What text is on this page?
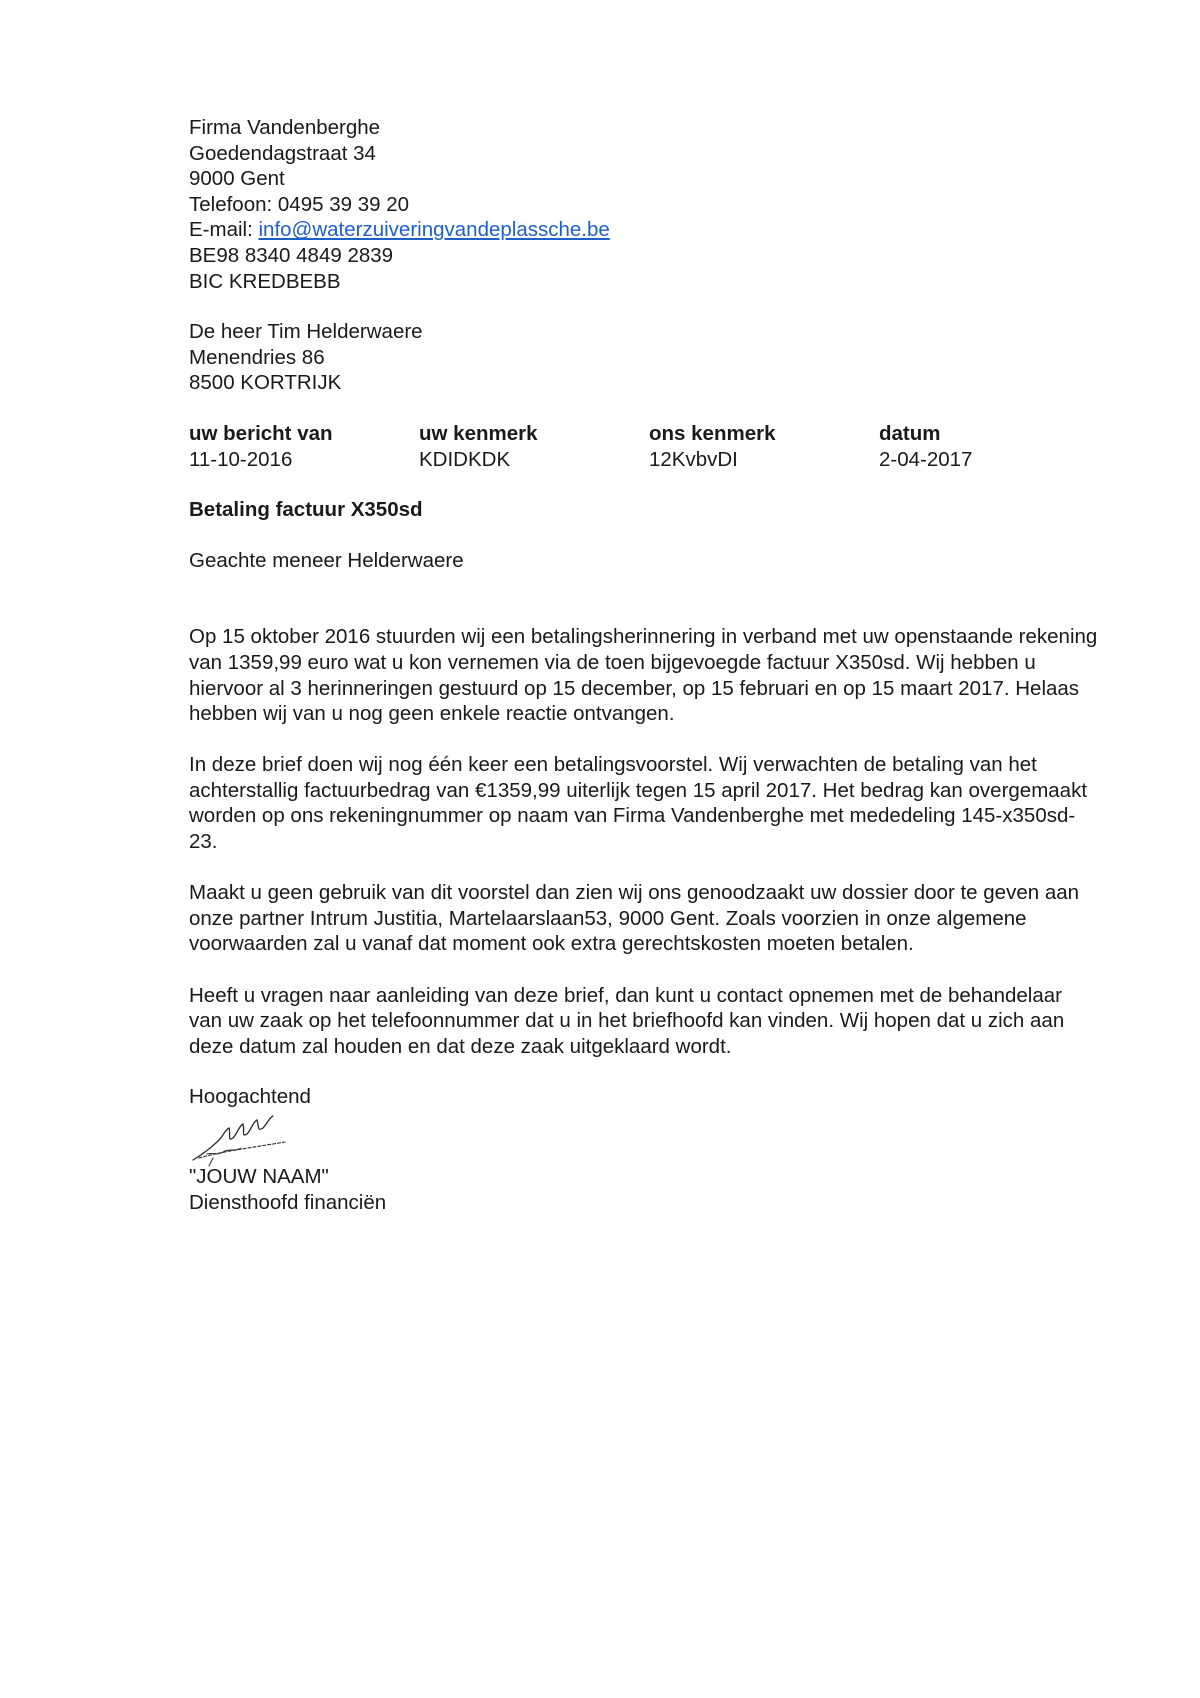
Firma Vandenberghe
Goedendagstraat 34
9000 Gent
Telefoon: 0495 39 39 20
E-mail: info@waterzuiveringvandeplassche.be
BE98 8340 4849 2839
BIC KREDBEBB
De heer Tim Helderwaere
Menendries 86
8500 KORTRIJK
uw bericht van	uw kenmerk	ons kenmerk	datum
11-10-2016	KDIDKDK	12KvbvDI	2-04-2017
Betaling factuur X350sd
Geachte meneer Helderwaere

Op 15 oktober 2016 stuurden wij een betalingsherinnering in verband met uw openstaande rekening van 1359,99 euro wat u kon vernemen via de toen bijgevoegde factuur X350sd. Wij hebben u hiervoor al 3 herinneringen gestuurd op 15 december, op 15 februari en op 15 maart 2017. Helaas hebben wij van u nog geen enkele reactie ontvangen.

In deze brief doen wij nog één keer een betalingsvoorstel. Wij verwachten de betaling van het achterstallig factuurbedrag van €1359,99 uiterlijk tegen 15 april 2017. Het bedrag kan overgemaakt worden op ons rekeningnummer op naam van Firma Vandenberghe met mededeling 145-x350sd-23.

Maakt u geen gebruik van dit voorstel dan zien wij ons genoodzaakt uw dossier door te geven aan onze partner Intrum Justitia, Martelaarslaan53, 9000 Gent. Zoals voorzien in onze algemene voorwaarden zal u vanaf dat moment ook extra gerechtskosten moeten betalen.

Heeft u vragen naar aanleiding van deze brief, dan kunt u contact opnemen met de behandelaar van uw zaak op het telefoonnummer dat u in het briefhoofd kan vinden. Wij hopen dat u zich aan deze datum zal houden en dat deze zaak uitgeklaard wordt.

Hoogachtend
"JOUW NAAM"
Diensthoofd financiën
